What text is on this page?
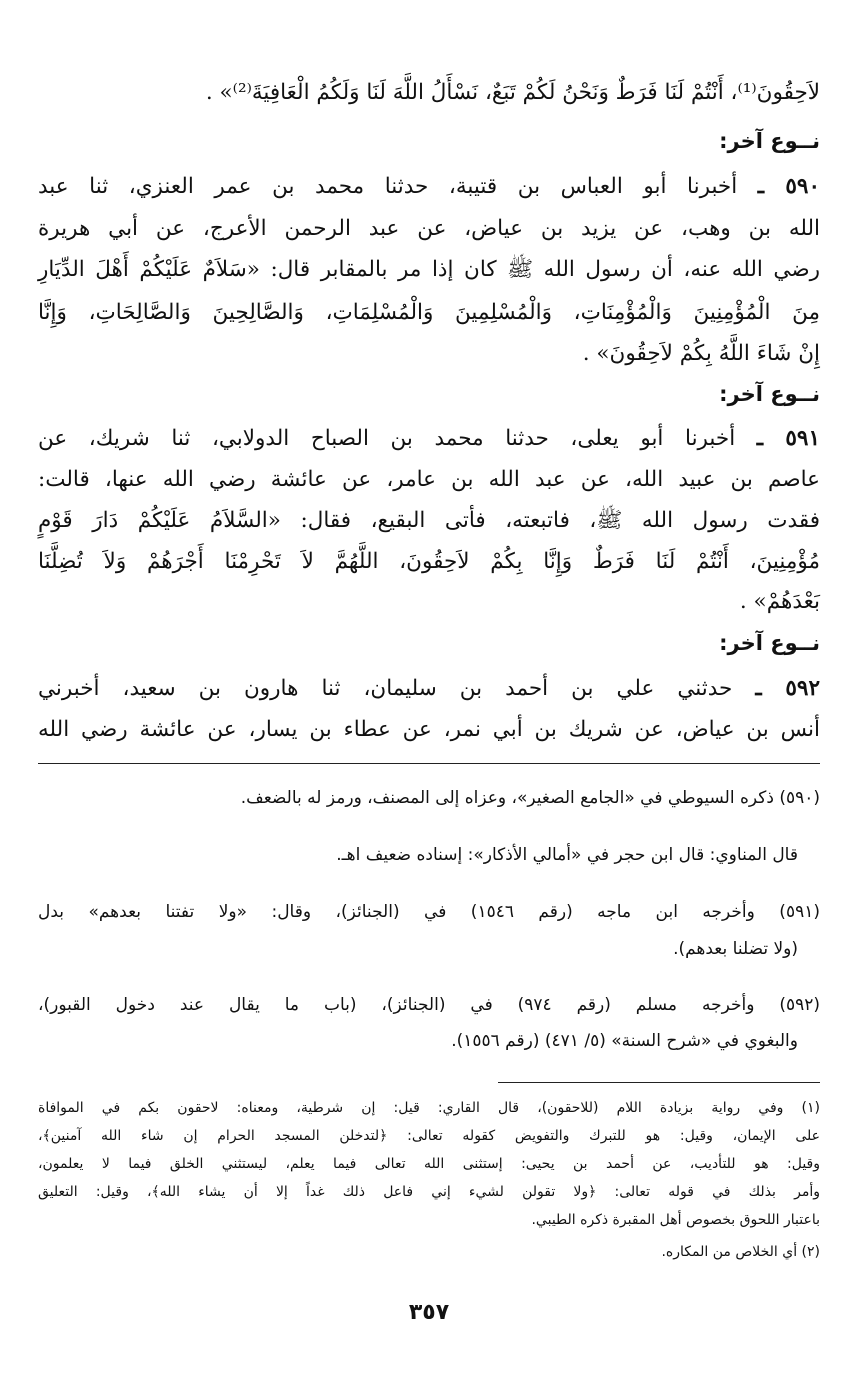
لاَحِقُونَ⁽¹⁾، أَنْتُمْ لَنَا فَرَطٌ وَنَحْنُ لَكُمْ تَبَعٌ، نَسْأَلُ اللَّهَ لَنَا وَلَكُمُ الْعَافِيَةَ⁽²⁾» .
نــوع آخر:
٥٩٠ ـ أخبرنا أبو العباس بن قتيبة، حدثنا محمد بن عمر العنزي، ثنا عبد
الله بن وهب، عن يزيد بن عياض، عن عبد الرحمن الأعرج، عن أبي هريرة
رضي الله عنه، أن رسول الله ﷺ كان إذا مر بالمقابر قال: «سَلاَمٌ عَلَيْكُمْ أَهْلَ الدِّيَارِ
مِنَ الْمُؤْمِنِينَ وَالْمُؤْمِنَاتِ، وَالْمُسْلِمِينَ وَالْمُسْلِمَاتِ، وَالصَّالِحِينَ وَالصَّالِحَاتِ، وَإِنَّا
إِنْ شَاءَ اللَّهُ بِكُمْ لاَحِقُونَ» .
نــوع آخر:
٥٩١ ـ أخبرنا أبو يعلى، حدثنا محمد بن الصباح الدولابي، ثنا شريك، عن
عاصم بن عبيد الله، عن عبد الله بن عامر، عن عائشة رضي الله عنها، قالت:
فقدت رسول الله ﷺ، فاتبعته، فأتى البقيع، فقال: «السَّلاَمُ عَلَيْكُمْ دَارَ قَوْمٍ
مُؤْمِنِينَ، أَنْتُمْ لَنَا فَرَطٌ وَإِنَّا بِكُمْ لاَحِقُونَ، اللَّهُمَّ لاَ تَحْرِمْنَا أَجْرَهُمْ وَلاَ تُضِلَّنَا
بَعْدَهُمْ» .
نــوع آخر:
٥٩٢ ـ حدثني علي بن أحمد بن سليمان، ثنا هارون بن سعيد، أخبرني
أنس بن عياض، عن شريك بن أبي نمر، عن عطاء بن يسار، عن عائشة رضي الله
(٥٩٠) ذكره السيوطي في «الجامع الصغير»، وعزاه إلى المصنف، ورمز له بالضعف.
قال المناوي: قال ابن حجر في «أمالي الأذكار»: إسناده ضعيف اهـ.
(٥٩١) وأخرجه ابن ماجه (رقم ١٥٤٦) في (الجنائز)، وقال: «ولا تفتنا بعدهم» بدل
(ولا تضلنا بعدهم).
(٥٩٢) وأخرجه مسلم (رقم ٩٧٤) في (الجنائز)، (باب ما يقال عند دخول القبور)،
والبغوي في «شرح السنة» (٥/ ٤٧١) (رقم ١٥٥٦).
(١) وفي رواية بزيادة اللام (للاحقون)، قال القاري: قيل: إن شرطية، ومعناه: لاحقون بكم في الموافاة
على الإيمان، وقيل: هو للتبرك والتفويض كقوله تعالى: ﴿لتدخلن المسجد الحرام إن شاء الله آمنين﴾،
وقيل: هو للتأديب، عن أحمد بن يحيى: إستثنى الله تعالى فيما يعلم، ليستثني الخلق فيما لا يعلمون،
وأمر بذلك في قوله تعالى: ﴿ولا تقولن لشيء إني فاعل ذلك غداً إلا أن يشاء الله﴾، وقيل: التعليق
باعتبار اللحوق بخصوص أهل المقبرة ذكره الطيبي.
(٢) أي الخلاص من المكاره.
٣٥٧
